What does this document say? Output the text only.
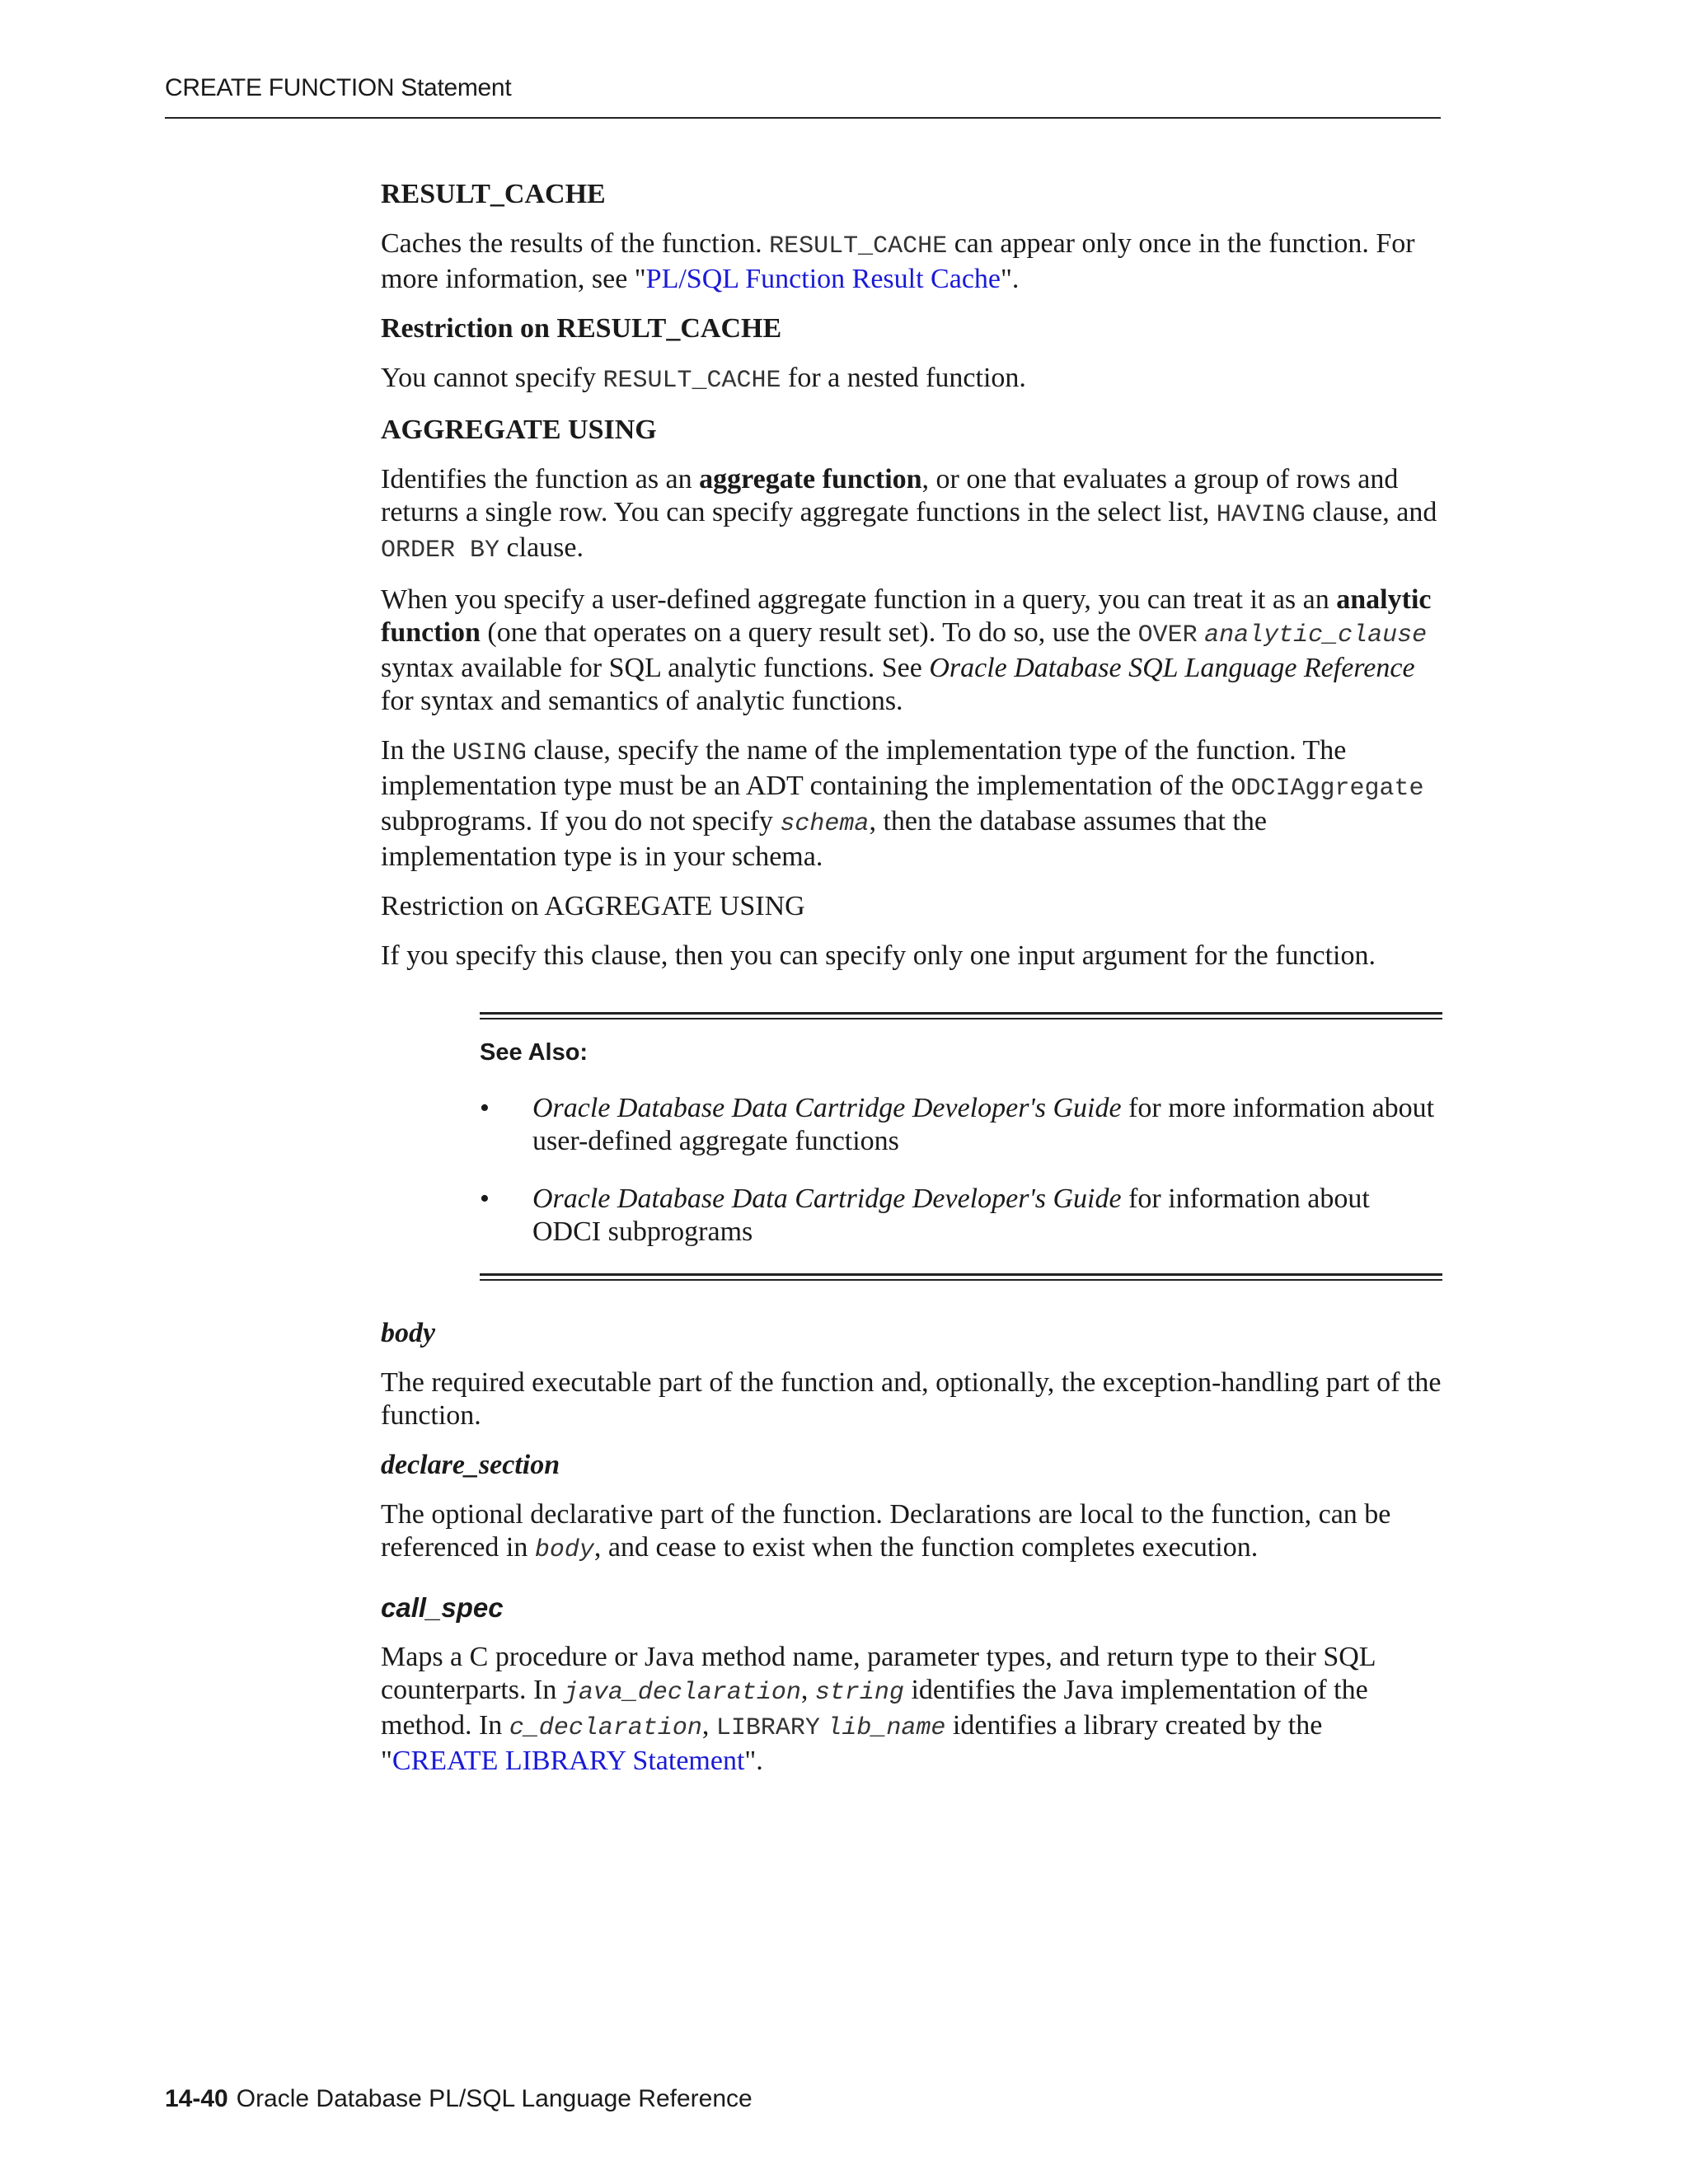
CREATE FUNCTION Statement
RESULT_CACHE

Caches the results of the function. RESULT_CACHE can appear only once in the function. For more information, see "PL/SQL Function Result Cache".

Restriction on RESULT_CACHE

You cannot specify RESULT_CACHE for a nested function.

AGGREGATE USING

Identifies the function as an aggregate function, or one that evaluates a group of rows and returns a single row. You can specify aggregate functions in the select list, HAVING clause, and ORDER BY clause.

When you specify a user-defined aggregate function in a query, you can treat it as an analytic function (one that operates on a query result set). To do so, use the OVER analytic_clause syntax available for SQL analytic functions. See Oracle Database SQL Language Reference for syntax and semantics of analytic functions.

In the USING clause, specify the name of the implementation type of the function. The implementation type must be an ADT containing the implementation of the ODCIAggregate subprograms. If you do not specify schema, then the database assumes that the implementation type is in your schema.

Restriction on AGGREGATE USING

If you specify this clause, then you can specify only one input argument for the function.

See Also:
• Oracle Database Data Cartridge Developer's Guide for more information about user-defined aggregate functions
• Oracle Database Data Cartridge Developer's Guide for information about ODCI subprograms
body

The required executable part of the function and, optionally, the exception-handling part of the function.

declare_section

The optional declarative part of the function. Declarations are local to the function, can be referenced in body, and cease to exist when the function completes execution.

call_spec

Maps a C procedure or Java method name, parameter types, and return type to their SQL counterparts. In java_declaration, string identifies the Java implementation of the method. In c_declaration, LIBRARY lib_name identifies a library created by the "CREATE LIBRARY Statement".

14-40 Oracle Database PL/SQL Language Reference
